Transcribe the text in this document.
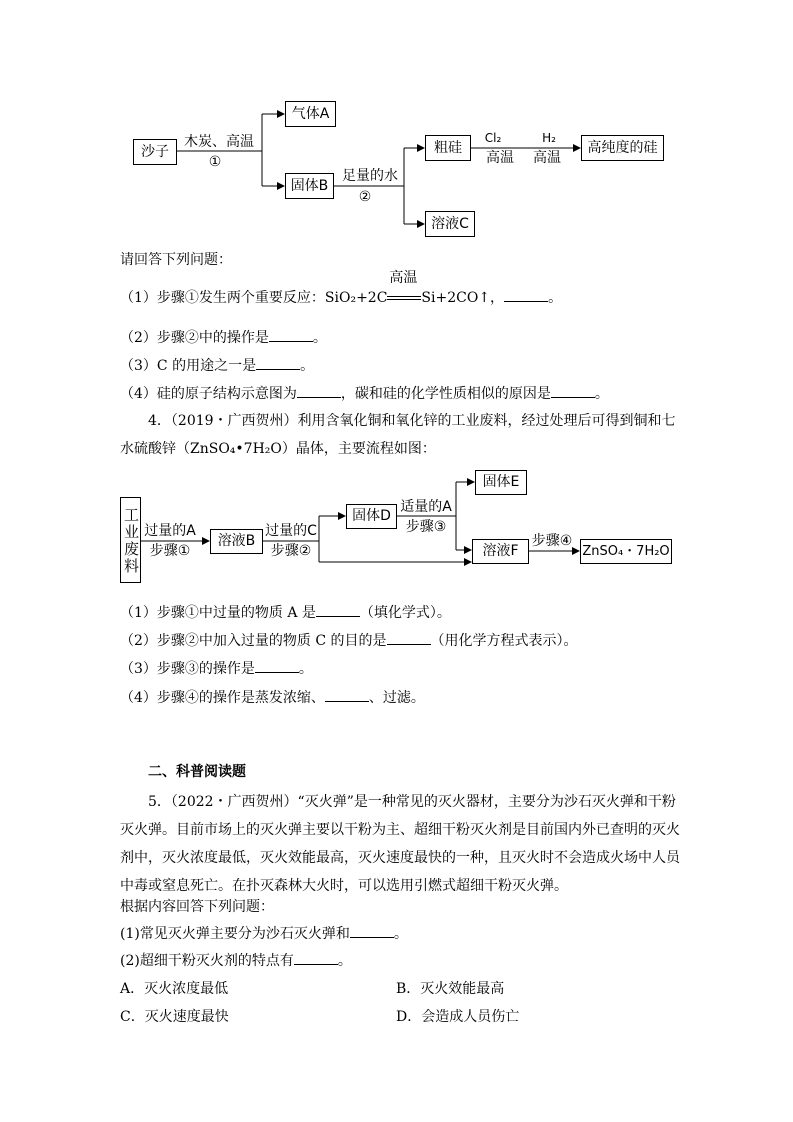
沙子
气体A
固体B
粗硅	高纯度的硅
溶液C
木炭、高温
①
足量的水
②
Cl₂
高温
H₂
高温
请回答下列问题：
（1）步骤①发生两个重要反应：SiO₂+2C
高温
Si+2CO↑，	。
（2）步骤②中的操作是	。
（3）C 的用途之一是	。
（4）硅的原子结构示意图为	，碳和硅的化学性质相似的原因是	。
4．（2019・广西贺州）利用含氧化铜和氧化锌的工业废料，经过处理后可得到铜和七
水硫酸锌（ZnSO₄•7H₂O）晶体，主要流程如图：
工业废料	溶液B
固体D
固体E
溶液F	ZnSO₄・7H₂O
过量的A
步骤①
过量的C
步骤②
适量的A
步骤③
步骤④
（1）步骤①中过量的物质 A 是	（填化学式）。
（2）步骤②中加入过量的物质 C 的目的是	（用化学方程式表示）。
（3）步骤③的操作是	。
（4）步骤④的操作是蒸发浓缩、	、过滤。
二、科普阅读题
5．（2022・广西贺州）“灭火弹”是一种常见的灭火器材，主要分为沙石灭火弹和干粉
灭火弹。目前市场上的灭火弹主要以干粉为主、超细干粉灭火剂是目前国内外已查明的灭火
剂中，灭火浓度最低，灭火效能最高，灭火速度最快的一种，且灭火时不会造成火场中人员
中毒或窒息死亡。在扑灭森林大火时，可以选用引燃式超细干粉灭火弹。
根据内容回答下列问题：
(1)常见灭火弹主要分为沙石灭火弹和	。
(2)超细干粉灭火剂的特点有	。
A．灭火浓度最低	B．灭火效能最高
C．灭火速度最快	D．会造成人员伤亡
